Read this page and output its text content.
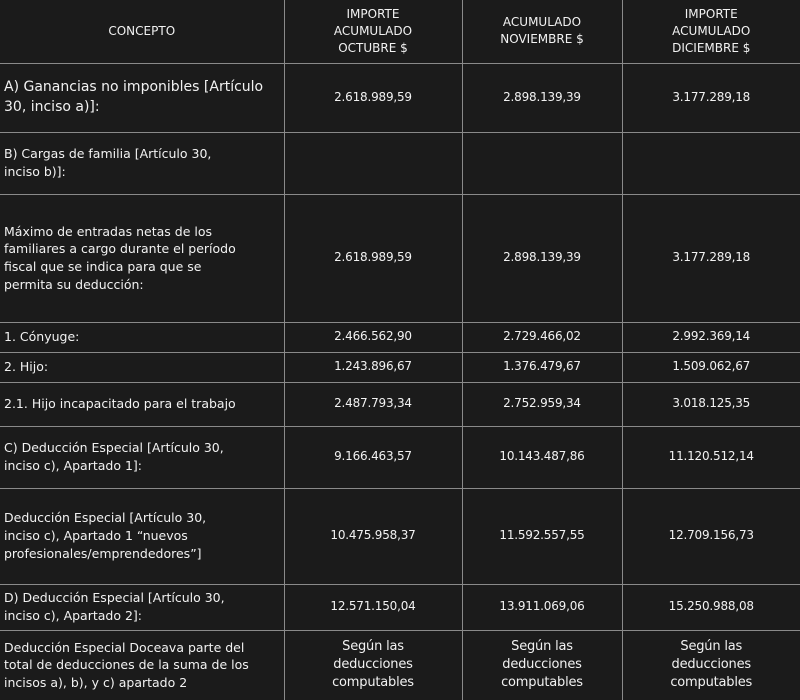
CONCEPTO	IMPORTE ACUMULADO OCTUBRE $	ACUMULADO NOVIEMBRE $	IMPORTE ACUMULADO DICIEMBRE $
A) Ganancias no imponibles [Artículo 30, inciso a)]:	2.618.989,59	2.898.139,39	3.177.289,18
B) Cargas de familia [Artículo 30, inciso b)]:			
Máximo de entradas netas de los familiares a cargo durante el período fiscal que se indica para que se permita su deducción:	2.618.989,59	2.898.139,39	3.177.289,18
1. Cónyuge:	2.466.562,90	2.729.466,02	2.992.369,14
2. Hijo:	1.243.896,67	1.376.479,67	1.509.062,67
2.1. Hijo incapacitado para el trabajo	2.487.793,34	2.752.959,34	3.018.125,35
C) Deducción Especial [Artículo 30, inciso c), Apartado 1]:	9.166.463,57	10.143.487,86	11.120.512,14
Deducción Especial [Artículo 30, inciso c), Apartado 1 “nuevos profesionales/emprendedores”]	10.475.958,37	11.592.557,55	12.709.156,73
D) Deducción Especial [Artículo 30, inciso c), Apartado 2]:	12.571.150,04	13.911.069,06	15.250.988,08
Deducción Especial Doceava parte del total de deducciones de la suma de los incisos a), b), y c) apartado 2	Según las deducciones computables	Según las deducciones computables	Según las deducciones computables
